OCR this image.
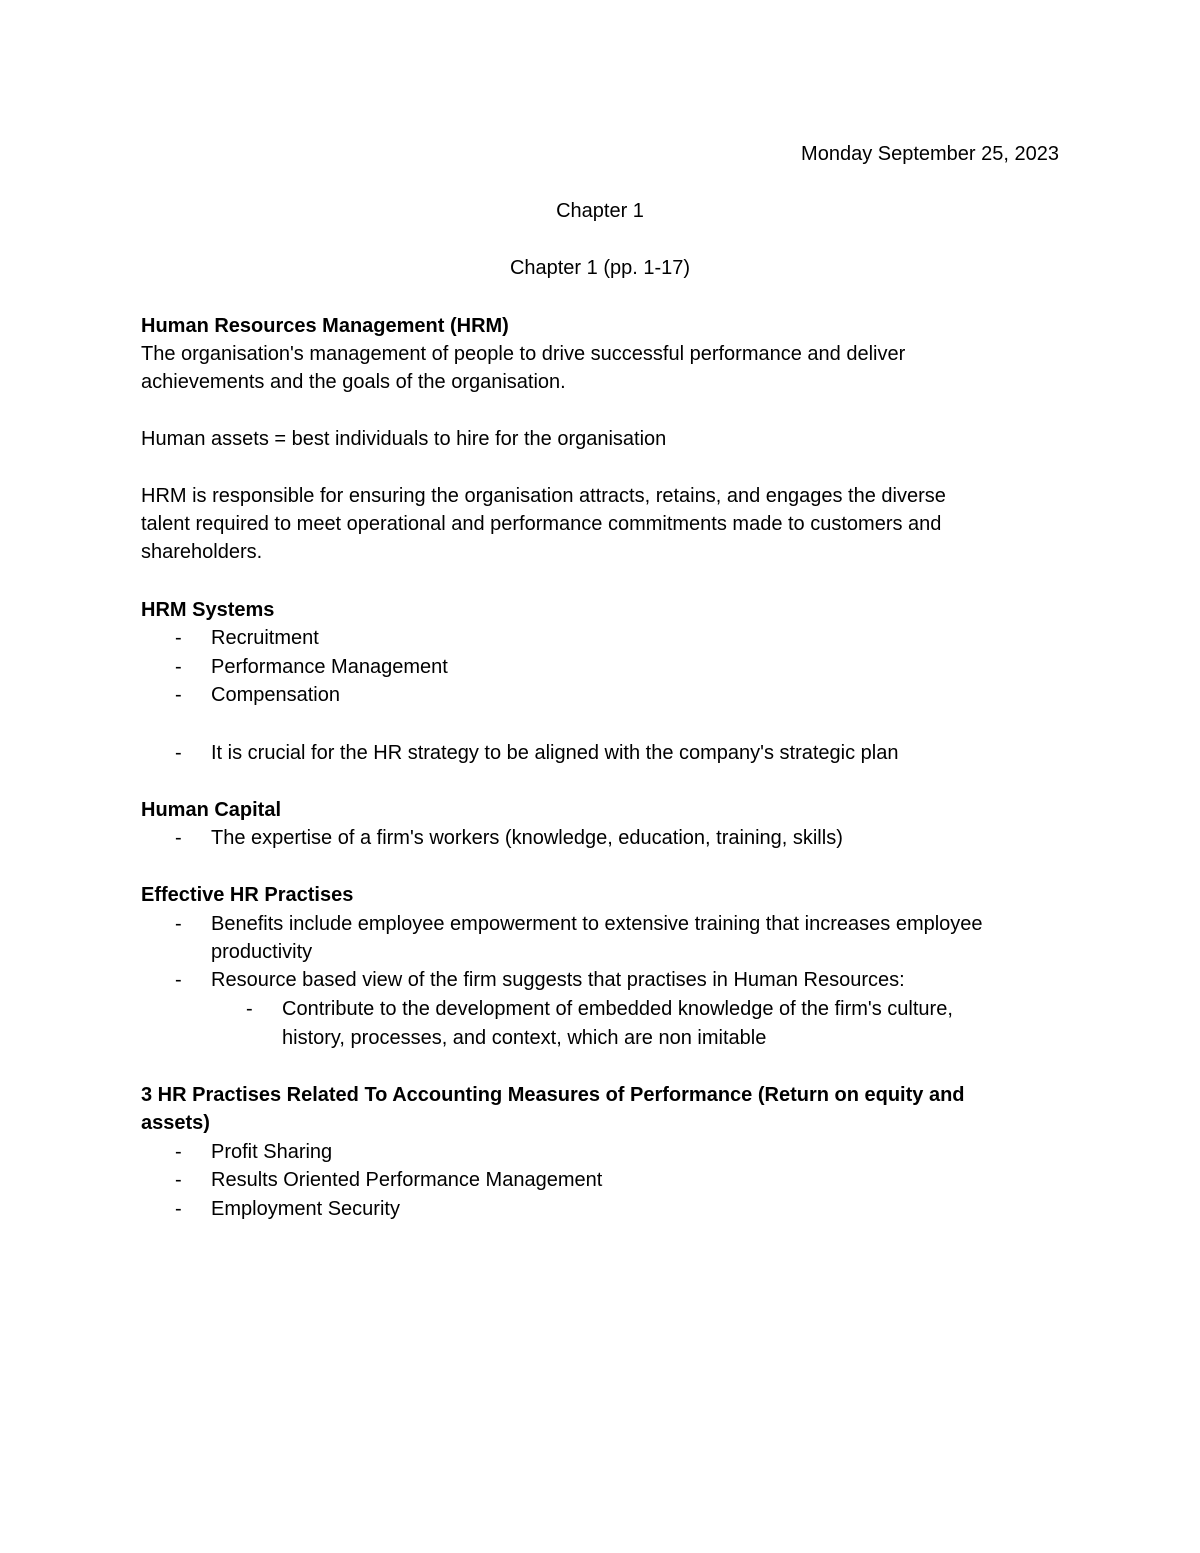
Monday September 25, 2023
Chapter 1
Chapter 1 (pp. 1-17)
Human Resources Management (HRM)
The organisation's management of people to drive successful performance and deliver
achievements and the goals of the organisation.
Human assets = best individuals to hire for the organisation
HRM is responsible for ensuring the organisation attracts, retains, and engages the diverse
talent required to meet operational and performance commitments made to customers and
shareholders.
HRM Systems
- Recruitment
- Performance Management
- Compensation
- It is crucial for the HR strategy to be aligned with the company's strategic plan
Human Capital
- The expertise of a firm's workers (knowledge, education, training, skills)
Effective HR Practises
- Benefits include employee empowerment to extensive training that increases employee
productivity
- Resource based view of the firm suggests that practises in Human Resources:
- Contribute to the development of embedded knowledge of the firm's culture,
history, processes, and context, which are non imitable
3 HR Practises Related To Accounting Measures of Performance (Return on equity and
assets)
- Profit Sharing
- Results Oriented Performance Management
- Employment Security
